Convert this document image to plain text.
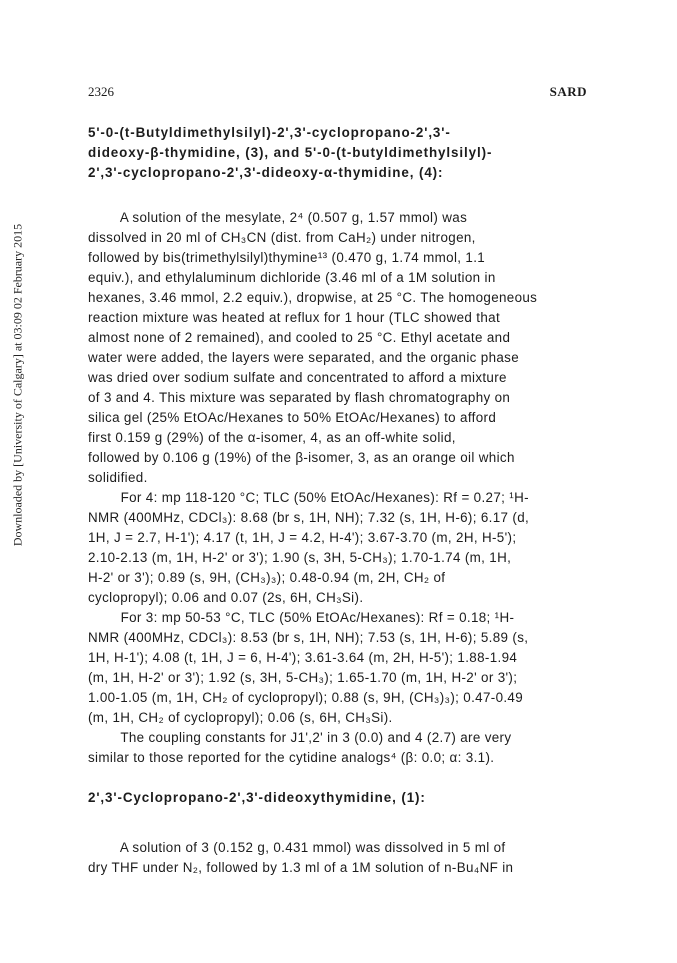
Downloaded by [University of Calgary] at 03:09 02 February 2015
2326	SARD
5'-0-(t-Butyldimethylsilyl)-2',3'-cyclopropano-2',3'-
dideoxy-β-thymidine, (3), and 5'-0-(t-butyldimethylsilyl)-
2',3'-cyclopropano-2',3'-dideoxy-α-thymidine, (4):

A solution of the mesylate, 2⁴ (0.507 g, 1.57 mmol) was
dissolved in 20 ml of CH₃CN (dist. from CaH₂) under nitrogen,
followed by bis(trimethylsilyl)thymine¹³ (0.470 g, 1.74 mmol, 1.1
equiv.), and ethylaluminum dichloride (3.46 ml of a 1M solution in
hexanes, 3.46 mmol, 2.2 equiv.), dropwise, at 25 °C. The homogeneous
reaction mixture was heated at reflux for 1 hour (TLC showed that
almost none of 2 remained), and cooled to 25 °C. Ethyl acetate and
water were added, the layers were separated, and the organic phase
was dried over sodium sulfate and concentrated to afford a mixture
of 3 and 4. This mixture was separated by flash chromatography on
silica gel (25% EtOAc/Hexanes to 50% EtOAc/Hexanes) to afford
first 0.159 g (29%) of the α-isomer, 4, as an off-white solid,
followed by 0.106 g (19%) of the β-isomer, 3, as an orange oil which
solidified.

For 4: mp 118-120 °C; TLC (50% EtOAc/Hexanes): Rf = 0.27; ¹H-
NMR (400MHz, CDCl₃): 8.68 (br s, 1H, NH); 7.32 (s, 1H, H-6); 6.17 (d,
1H, J = 2.7, H-1'); 4.17 (t, 1H, J = 4.2, H-4'); 3.67-3.70 (m, 2H, H-5');
2.10-2.13 (m, 1H, H-2' or 3'); 1.90 (s, 3H, 5-CH₃); 1.70-1.74 (m, 1H,
H-2' or 3'); 0.89 (s, 9H, (CH₃)₃); 0.48-0.94 (m, 2H, CH₂ of
cyclopropyl); 0.06 and 0.07 (2s, 6H, CH₃Si).

For 3: mp 50-53 °C, TLC (50% EtOAc/Hexanes): Rf = 0.18; ¹H-
NMR (400MHz, CDCl₃): 8.53 (br s, 1H, NH); 7.53 (s, 1H, H-6); 5.89 (s,
1H, H-1'); 4.08 (t, 1H, J = 6, H-4'); 3.61-3.64 (m, 2H, H-5'); 1.88-1.94
(m, 1H, H-2' or 3'); 1.92 (s, 3H, 5-CH₃); 1.65-1.70 (m, 1H, H-2' or 3');
1.00-1.05 (m, 1H, CH₂ of cyclopropyl); 0.88 (s, 9H, (CH₃)₃); 0.47-0.49
(m, 1H, CH₂ of cyclopropyl); 0.06 (s, 6H, CH₃Si).

The coupling constants for J1',2' in 3 (0.0) and 4 (2.7) are very
similar to those reported for the cytidine analogs⁴ (β: 0.0; α: 3.1).

2',3'-Cyclopropano-2',3'-dideoxythymidine, (1):

A solution of 3 (0.152 g, 0.431 mmol) was dissolved in 5 ml of
dry THF under N₂, followed by 1.3 ml of a 1M solution of n-Bu₄NF in
